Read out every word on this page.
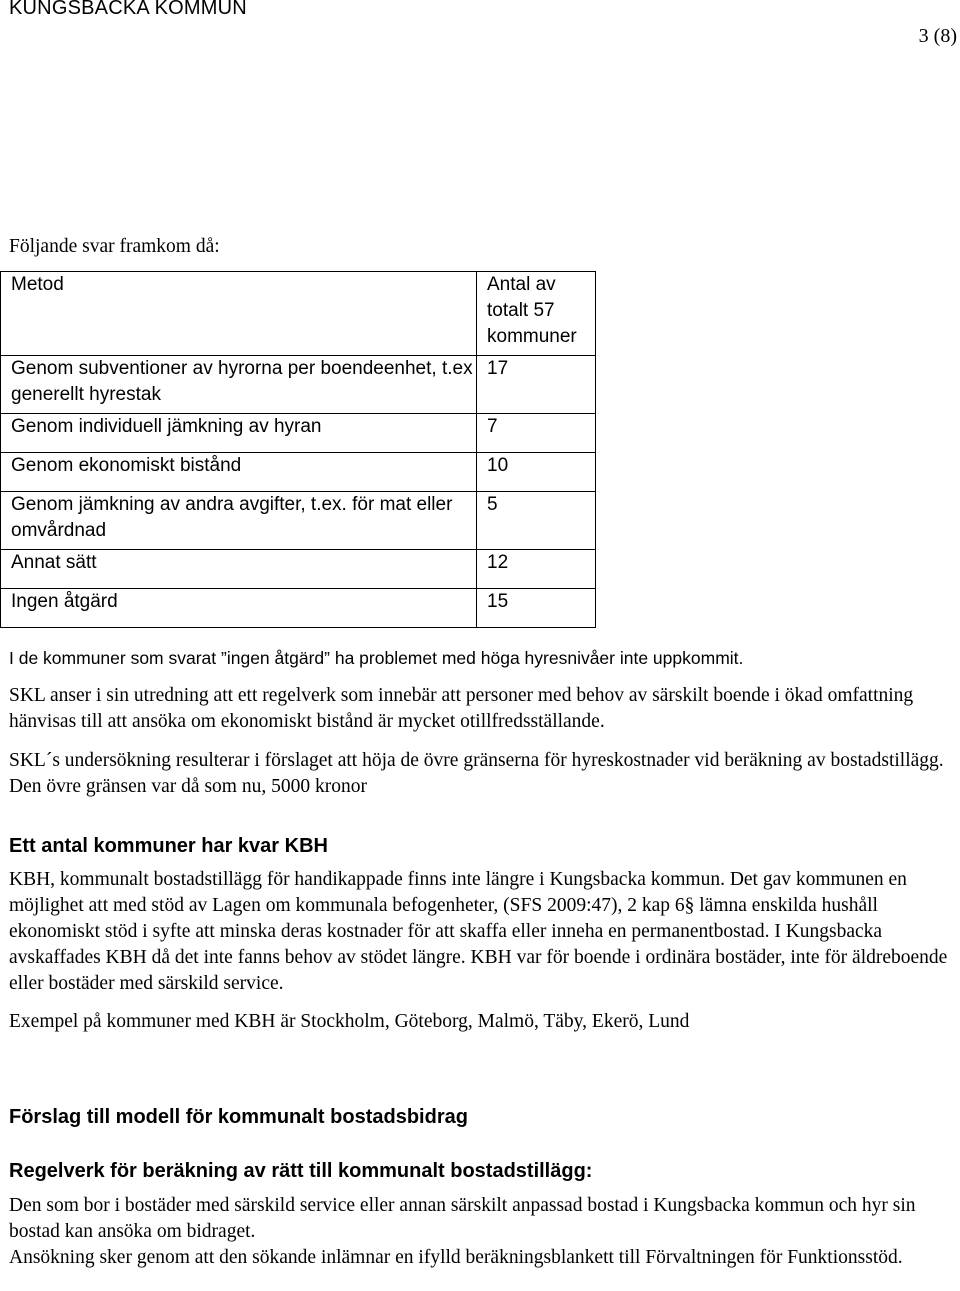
KUNGSBACKA KOMMUN
3 (8)
Följande svar framkom då:
Metod	Antal av totalt 57 kommuner
Genom subventioner av hyrorna per boendeenhet, t.ex generellt hyrestak	17
Genom individuell jämkning av hyran	7
Genom ekonomiskt bistånd	10
Genom jämkning av andra avgifter, t.ex. för mat eller omvårdnad	5
Annat sätt	12
Ingen åtgärd	15
I de kommuner som svarat ”ingen åtgärd” ha problemet med höga hyresnivåer inte uppkommit.

SKL anser i sin utredning att ett regelverk som innebär att personer med behov av särskilt boende i ökad omfattning hänvisas till att ansöka om ekonomiskt bistånd är mycket otillfredsställande.

SKL´s undersökning resulterar i förslaget att höja de övre gränserna för hyreskostnader vid beräkning av bostadstillägg. Den övre gränsen var då som nu, 5000 kronor

Ett antal kommuner har kvar KBH

KBH, kommunalt bostadstillägg för handikappade finns inte längre i Kungsbacka kommun. Det gav kommunen en möjlighet att med stöd av Lagen om kommunala befogenheter, (SFS 2009:47), 2 kap 6§ lämna enskilda hushåll ekonomiskt stöd i syfte att minska deras kostnader för att skaffa eller inneha en permanentbostad. I Kungsbacka avskaffades KBH då det inte fanns behov av stödet längre. KBH var för boende i ordinära bostäder, inte för äldreboende eller bostäder med särskild service.

Exempel på kommuner med KBH är Stockholm, Göteborg, Malmö, Täby, Ekerö, Lund

Förslag till modell för kommunalt bostadsbidrag
Regelverk för beräkning av rätt till kommunalt bostadstillägg:

Den som bor i bostäder med särskild service eller annan särskilt anpassad bostad i Kungsbacka kommun och hyr sin bostad kan ansöka om bidraget.

Ansökning sker genom att den sökande inlämnar en ifylld beräkningsblankett till Förvaltningen för Funktionsstöd.
